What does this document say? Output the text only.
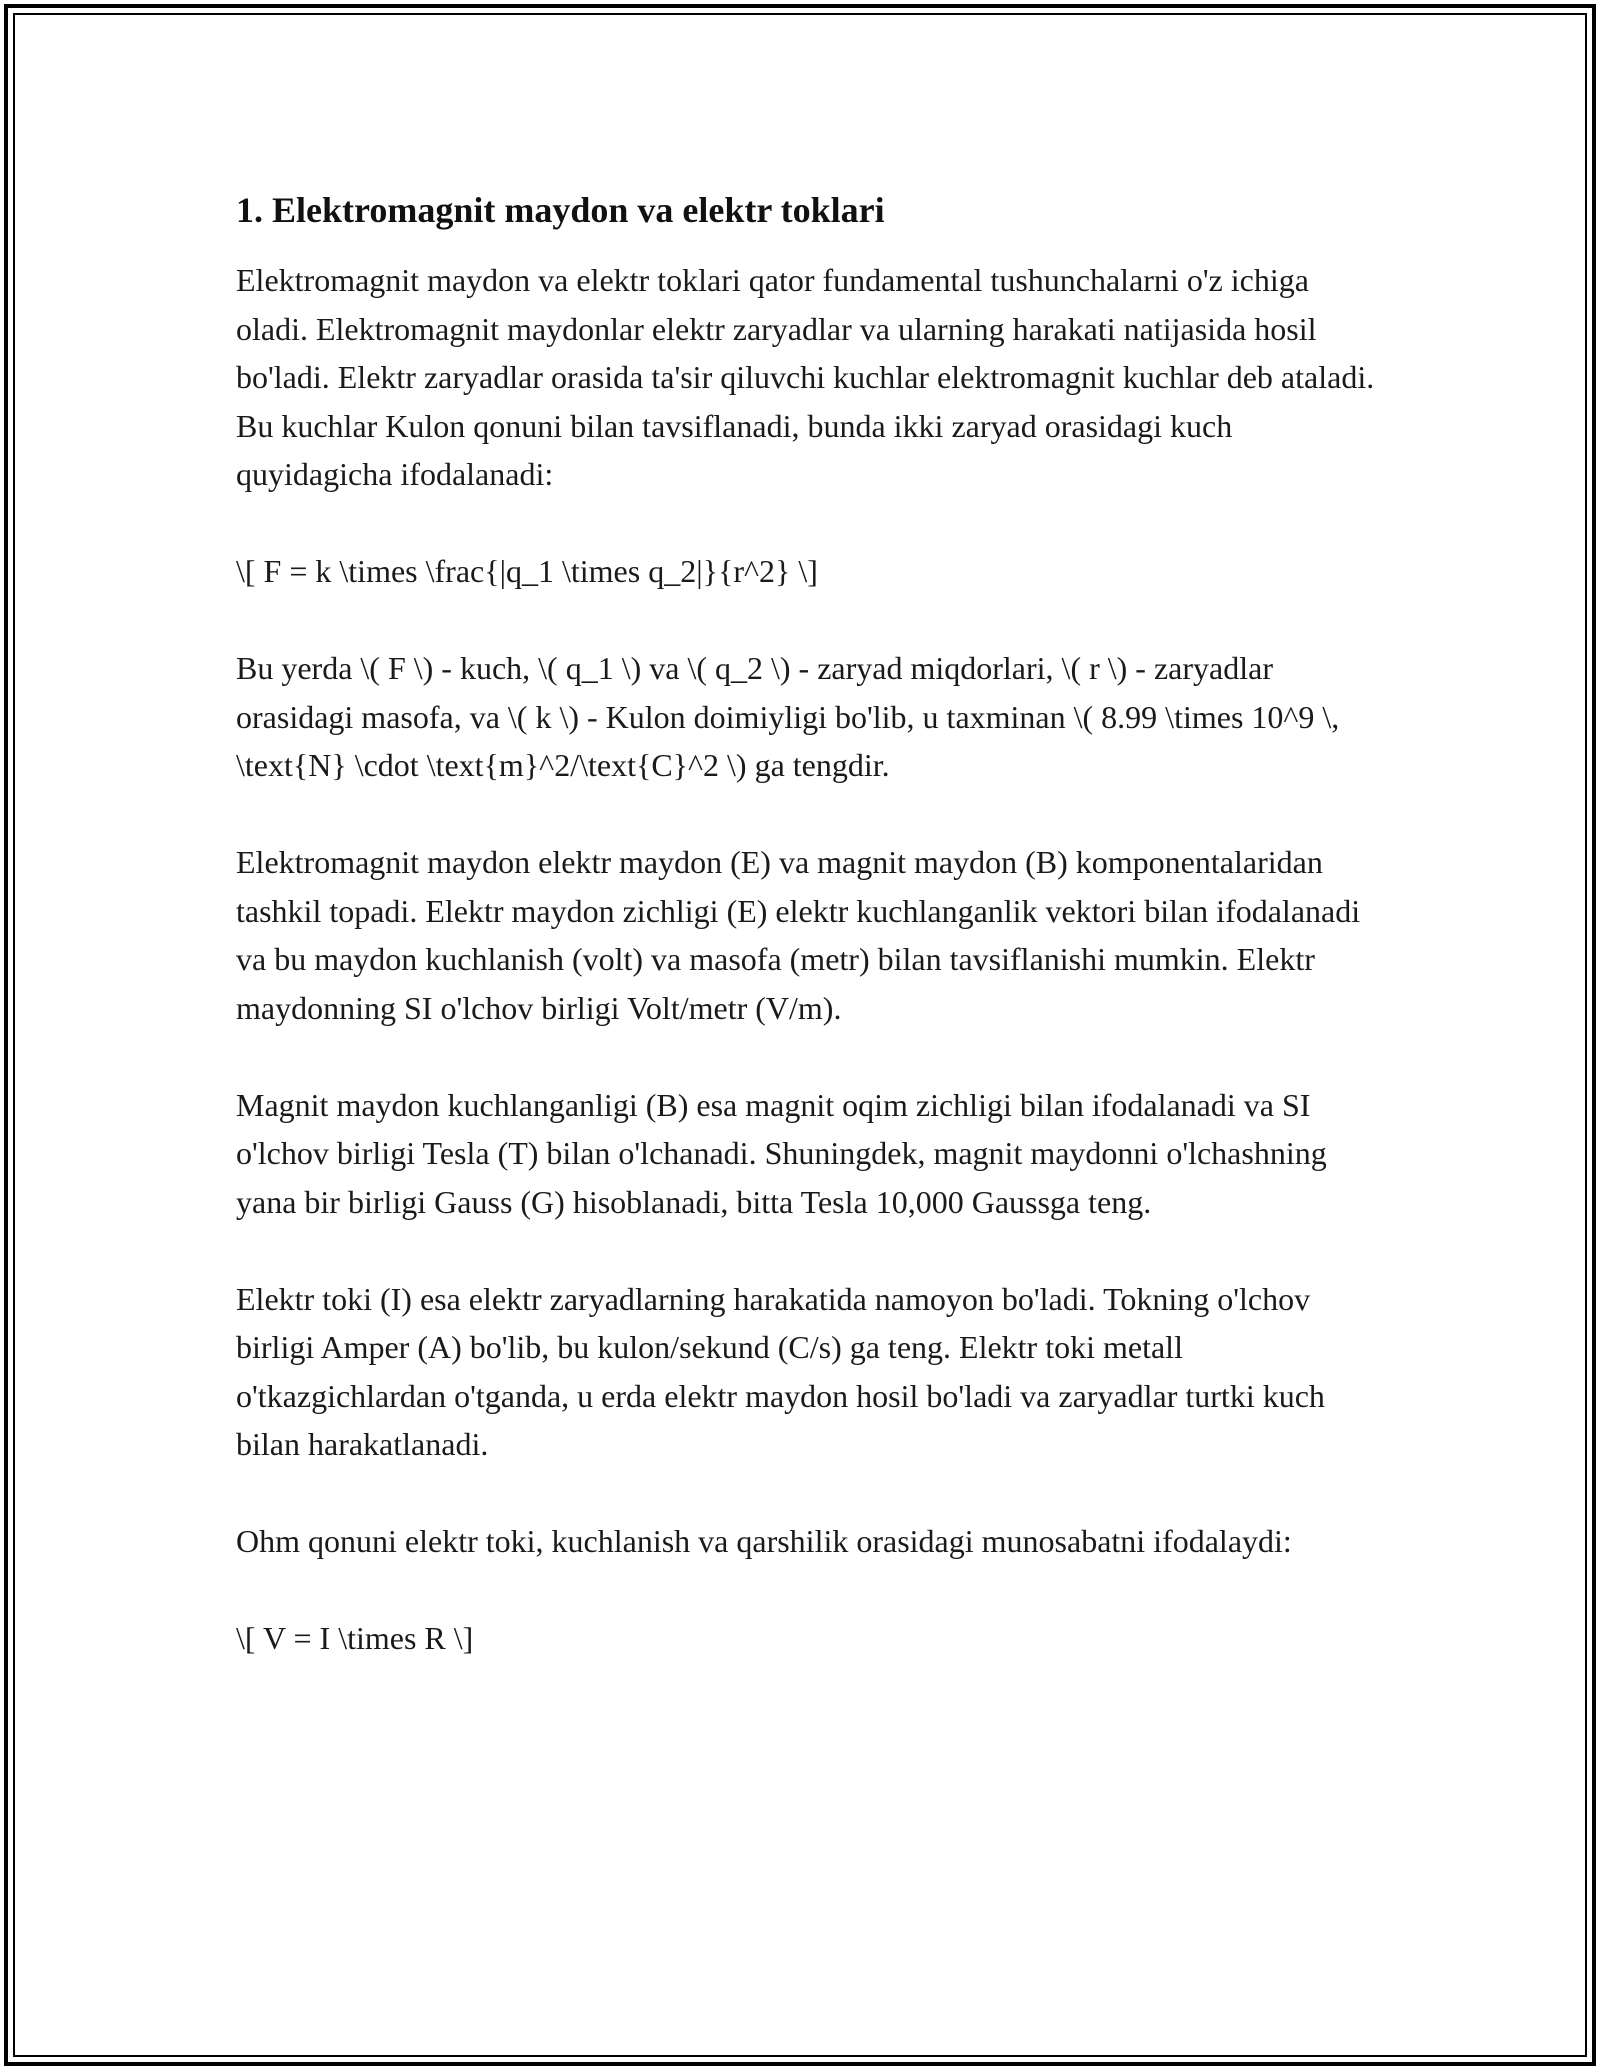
1. Elektromagnit maydon va elektr toklari

Elektromagnit maydon va elektr toklari qator fundamental tushunchalarni o'z ichiga oladi. Elektromagnit maydonlar elektr zaryadlar va ularning harakati natijasida hosil bo'ladi. Elektr zaryadlar orasida ta'sir qiluvchi kuchlar elektromagnit kuchlar deb ataladi. Bu kuchlar Kulon qonuni bilan tavsiflanadi, bunda ikki zaryad orasidagi kuch quyidagicha ifodalanadi:

\[ F = k \times \frac{|q_1 \times q_2|}{r^2} \]

Bu yerda \( F \) - kuch, \( q_1 \) va \( q_2 \) - zaryad miqdorlari, \( r \) - zaryadlar orasidagi masofa, va \( k \) - Kulon doimiyligi bo'lib, u taxminan \( 8.99 \times 10^9 \, \text{N} \cdot \text{m}^2/\text{C}^2 \) ga tengdir.

Elektromagnit maydon elektr maydon (E) va magnit maydon (B) komponentalaridan tashkil topadi. Elektr maydon zichligi (E) elektr kuchlanganlik vektori bilan ifodalanadi va bu maydon kuchlanish (volt) va masofa (metr) bilan tavsiflanishi mumkin. Elektr maydonning SI o'lchov birligi Volt/metr (V/m).

Magnit maydon kuchlanganligi (B) esa magnit oqim zichligi bilan ifodalanadi va SI o'lchov birligi Tesla (T) bilan o'lchanadi. Shuningdek, magnit maydonni o'lchashning yana bir birligi Gauss (G) hisoblanadi, bitta Tesla 10,000 Gaussga teng.

Elektr toki (I) esa elektr zaryadlarning harakatida namoyon bo'ladi. Tokning o'lchov birligi Amper (A) bo'lib, bu kulon/sekund (C/s) ga teng. Elektr toki metall o'tkazgichlardan o'tganda, u erda elektr maydon hosil bo'ladi va zaryadlar turtki kuch bilan harakatlanadi.

Ohm qonuni elektr toki, kuchlanish va qarshilik orasidagi munosabatni ifodalaydi:

\[ V = I \times R \]
